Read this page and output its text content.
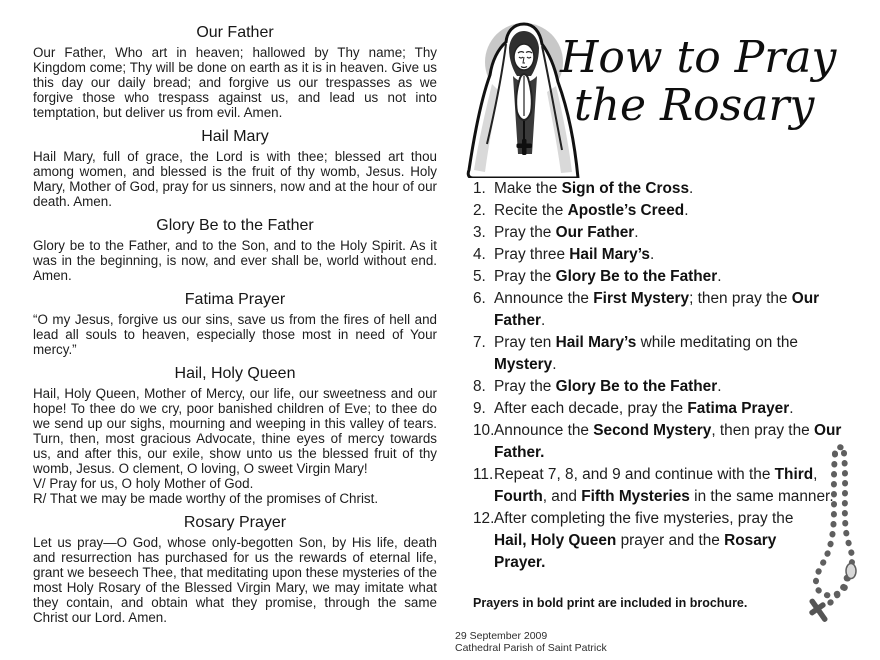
Our Father

Our Father, Who art in heaven; hallowed by Thy name; Thy Kingdom come; Thy will be done on earth as it is in heaven. Give us this day our daily bread; and forgive us our trespasses as we forgive those who trespass against us, and lead us not into temptation, but deliver us from evil. Amen.

Hail Mary

Hail Mary, full of grace, the Lord is with thee; blessed art thou among women, and blessed is the fruit of thy womb, Jesus. Holy Mary, Mother of God, pray for us sinners, now and at the hour of our death. Amen.

Glory Be to the Father

Glory be to the Father, and to the Son, and to the Holy Spirit. As it was in the beginning, is now, and ever shall be, world without end. Amen.

Fatima Prayer

“O my Jesus, forgive us our sins, save us from the fires of hell and lead all souls to heaven, especially those most in need of Your mercy.”

Hail, Holy Queen

Hail, Holy Queen, Mother of Mercy, our life, our sweetness and our hope! To thee do we cry, poor banished children of Eve; to thee do we send up our sighs, mourning and weeping in this valley of tears. Turn, then, most gracious Advocate, thine eyes of mercy towards us, and after this, our exile, show unto us the blessed fruit of thy womb, Jesus. O clement, O loving, O sweet Virgin Mary!

V/ Pray for us, O holy Mother of God.
R/ That we may be made worthy of the promises of Christ.
Rosary Prayer

Let us pray—O God, whose only-begotten Son, by His life, death and resurrection has purchased for us the rewards of eternal life, grant we beseech Thee, that meditating upon these mysteries of the most Holy Rosary of the Blessed Virgin Mary, we may imitate what they contain, and obtain what they promise, through the same Christ our Lord. Amen.

How to Pray
the Rosary
1. Make the Sign of the Cross.
2. Recite the Apostle’s Creed.
3. Pray the Our Father.
4. Pray three Hail Mary’s.
5. Pray the Glory Be to the Father.
6. Announce the First Mystery; then pray the Our
Father.
7. Pray ten Hail Mary’s while meditating on the
Mystery.
8. Pray the Glory Be to the Father.
9. After each decade, pray the Fatima Prayer.
10. Announce the Second Mystery, then pray the Our
Father.
11. Repeat 7, 8, and 9 and continue with the Third,
Fourth, and Fifth Mysteries in the same manner.
12. After completing the five mysteries, pray the
Hail, Holy Queen prayer and the Rosary
Prayer.
Prayers in bold print are included in brochure.
29 September 2009
Cathedral Parish of Saint Patrick
